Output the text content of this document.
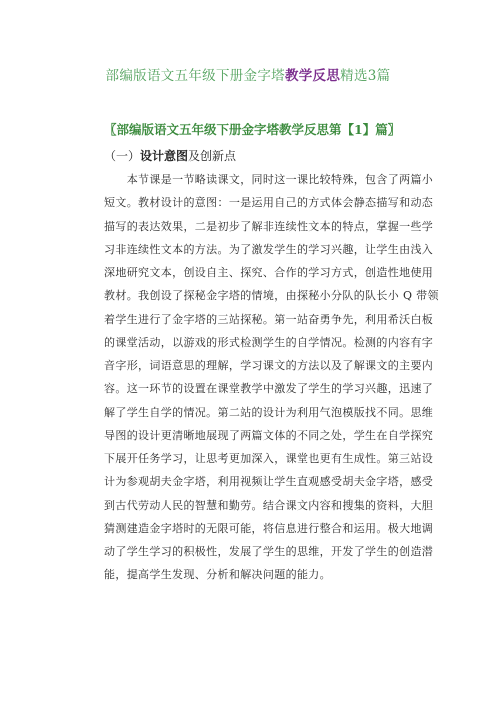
部编版语文五年级下册金字塔教学反思精选3篇
〖部编版语文五年级下册金字塔教学反思第【1】篇〗
（一）设计意图及创新点
　　本节课是一节略读课文，同时这一课比较特殊，包含了两篇小
短文。教材设计的意图：一是运用自己的方式体会静态描写和动态
描写的表达效果，二是初步了解非连续性文本的特点，掌握一些学
习非连续性文本的方法。为了激发学生的学习兴趣，让学生由浅入
深地研究文本，创设自主、探究、合作的学习方式，创造性地使用
教材。我创设了探秘金字塔的情境，由探秘小分队的队长小 Q 带领
着学生进行了金字塔的三站探秘。第一站奋勇争先，利用希沃白板
的课堂活动，以游戏的形式检测学生的自学情况。检测的内容有字
音字形，词语意思的理解，学习课文的方法以及了解课文的主要内
容。这一环节的设置在课堂教学中激发了学生的学习兴趣，迅速了
解了学生自学的情况。第二站的设计为利用气泡模版找不同。思维
导图的设计更清晰地展现了两篇文体的不同之处，学生在自学探究
下展开任务学习，让思考更加深入，课堂也更有生成性。第三站设
计为参观胡夫金字塔，利用视频让学生直观感受胡夫金字塔，感受
到古代劳动人民的智慧和勤劳。结合课文内容和搜集的资料，大胆
猜测建造金字塔时的无限可能，将信息进行整合和运用。极大地调
动了学生学习的积极性，发展了学生的思维，开发了学生的创造潜
能，提高学生发现、分析和解决问题的能力。
